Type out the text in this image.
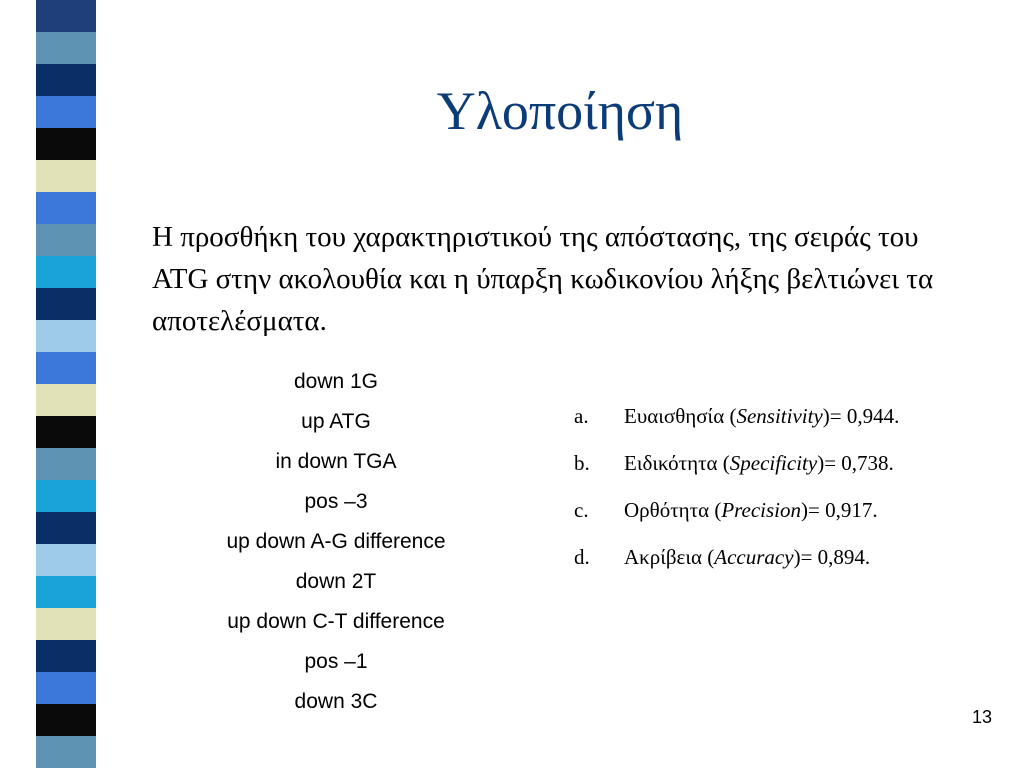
Υλοποίηση
Η προσθήκη του χαρακτηριστικού της απόστασης, της σειράς του ATG στην ακολουθία και η ύπαρξη κωδικονίου λήξης βελτιώνει τα αποτελέσματα.
down 1G
up ATG
in down TGA
pos –3
up down A-G difference
down 2T
up down C-T difference
pos –1
down 3C
a.	Ευαισθησία (Sensitivity)= 0,944.
b.	Ειδικότητα (Specificity)= 0,738.
c.	Ορθότητα (Precision)= 0,917.
d.	Ακρίβεια (Accuracy)= 0,894.
13
